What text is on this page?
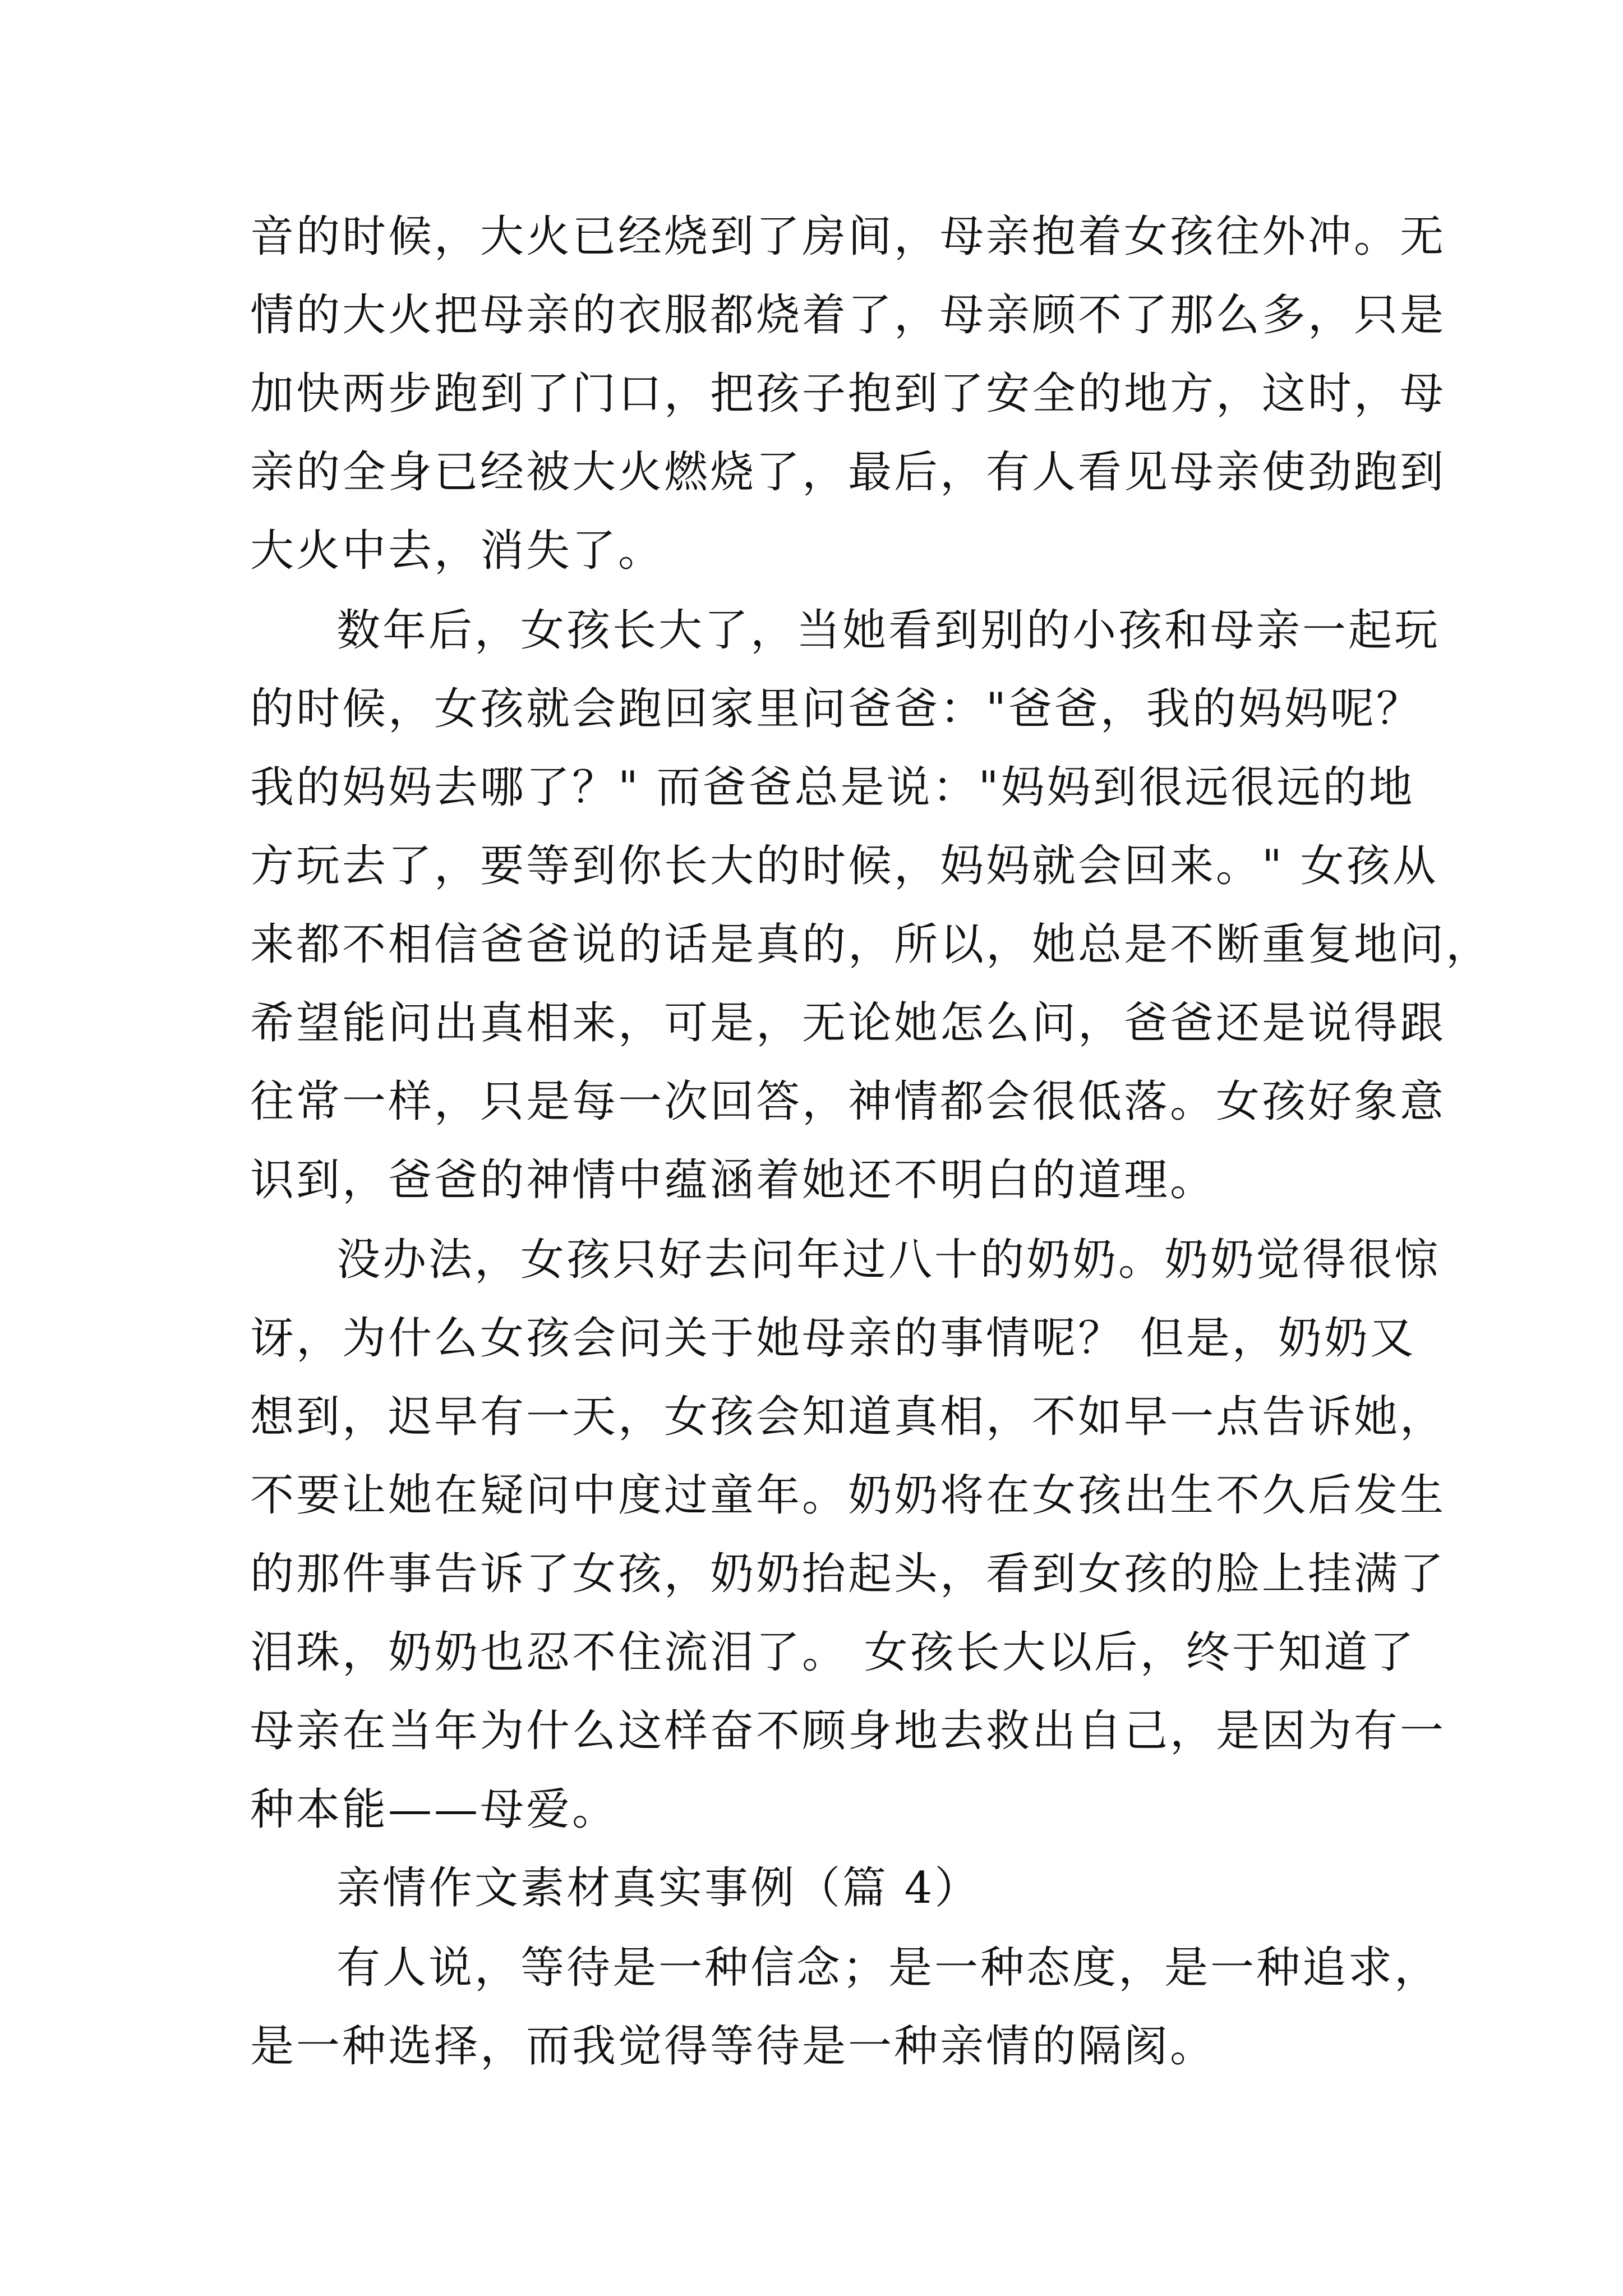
音的时候，大火已经烧到了房间，母亲抱着女孩往外冲。无
情的大火把母亲的衣服都烧着了，母亲顾不了那么多，只是
加快两步跑到了门口，把孩子抱到了安全的地方，这时，母
亲的全身已经被大火燃烧了，最后，有人看见母亲使劲跑到
大火中去，消失了。
数年后，女孩长大了，当她看到别的小孩和母亲一起玩
的时候，女孩就会跑回家里问爸爸："爸爸，我的妈妈呢？
我的妈妈去哪了？" 而爸爸总是说："妈妈到很远很远的地
方玩去了，要等到你长大的时候，妈妈就会回来。" 女孩从
来都不相信爸爸说的话是真的，所以，她总是不断重复地问，
希望能问出真相来，可是，无论她怎么问，爸爸还是说得跟
往常一样，只是每一次回答，神情都会很低落。女孩好象意
识到，爸爸的神情中蕴涵着她还不明白的道理。
没办法，女孩只好去问年过八十的奶奶。奶奶觉得很惊
讶，为什么女孩会问关于她母亲的事情呢？ 但是，奶奶又
想到，迟早有一天，女孩会知道真相，不如早一点告诉她，
不要让她在疑问中度过童年。奶奶将在女孩出生不久后发生
的那件事告诉了女孩，奶奶抬起头，看到女孩的脸上挂满了
泪珠，奶奶也忍不住流泪了。 女孩长大以后，终于知道了
母亲在当年为什么这样奋不顾身地去救出自己，是因为有一
种本能——母爱。
亲情作文素材真实事例（篇 4）
有人说，等待是一种信念；是一种态度，是一种追求，
是一种选择，而我觉得等待是一种亲情的隔阂。
